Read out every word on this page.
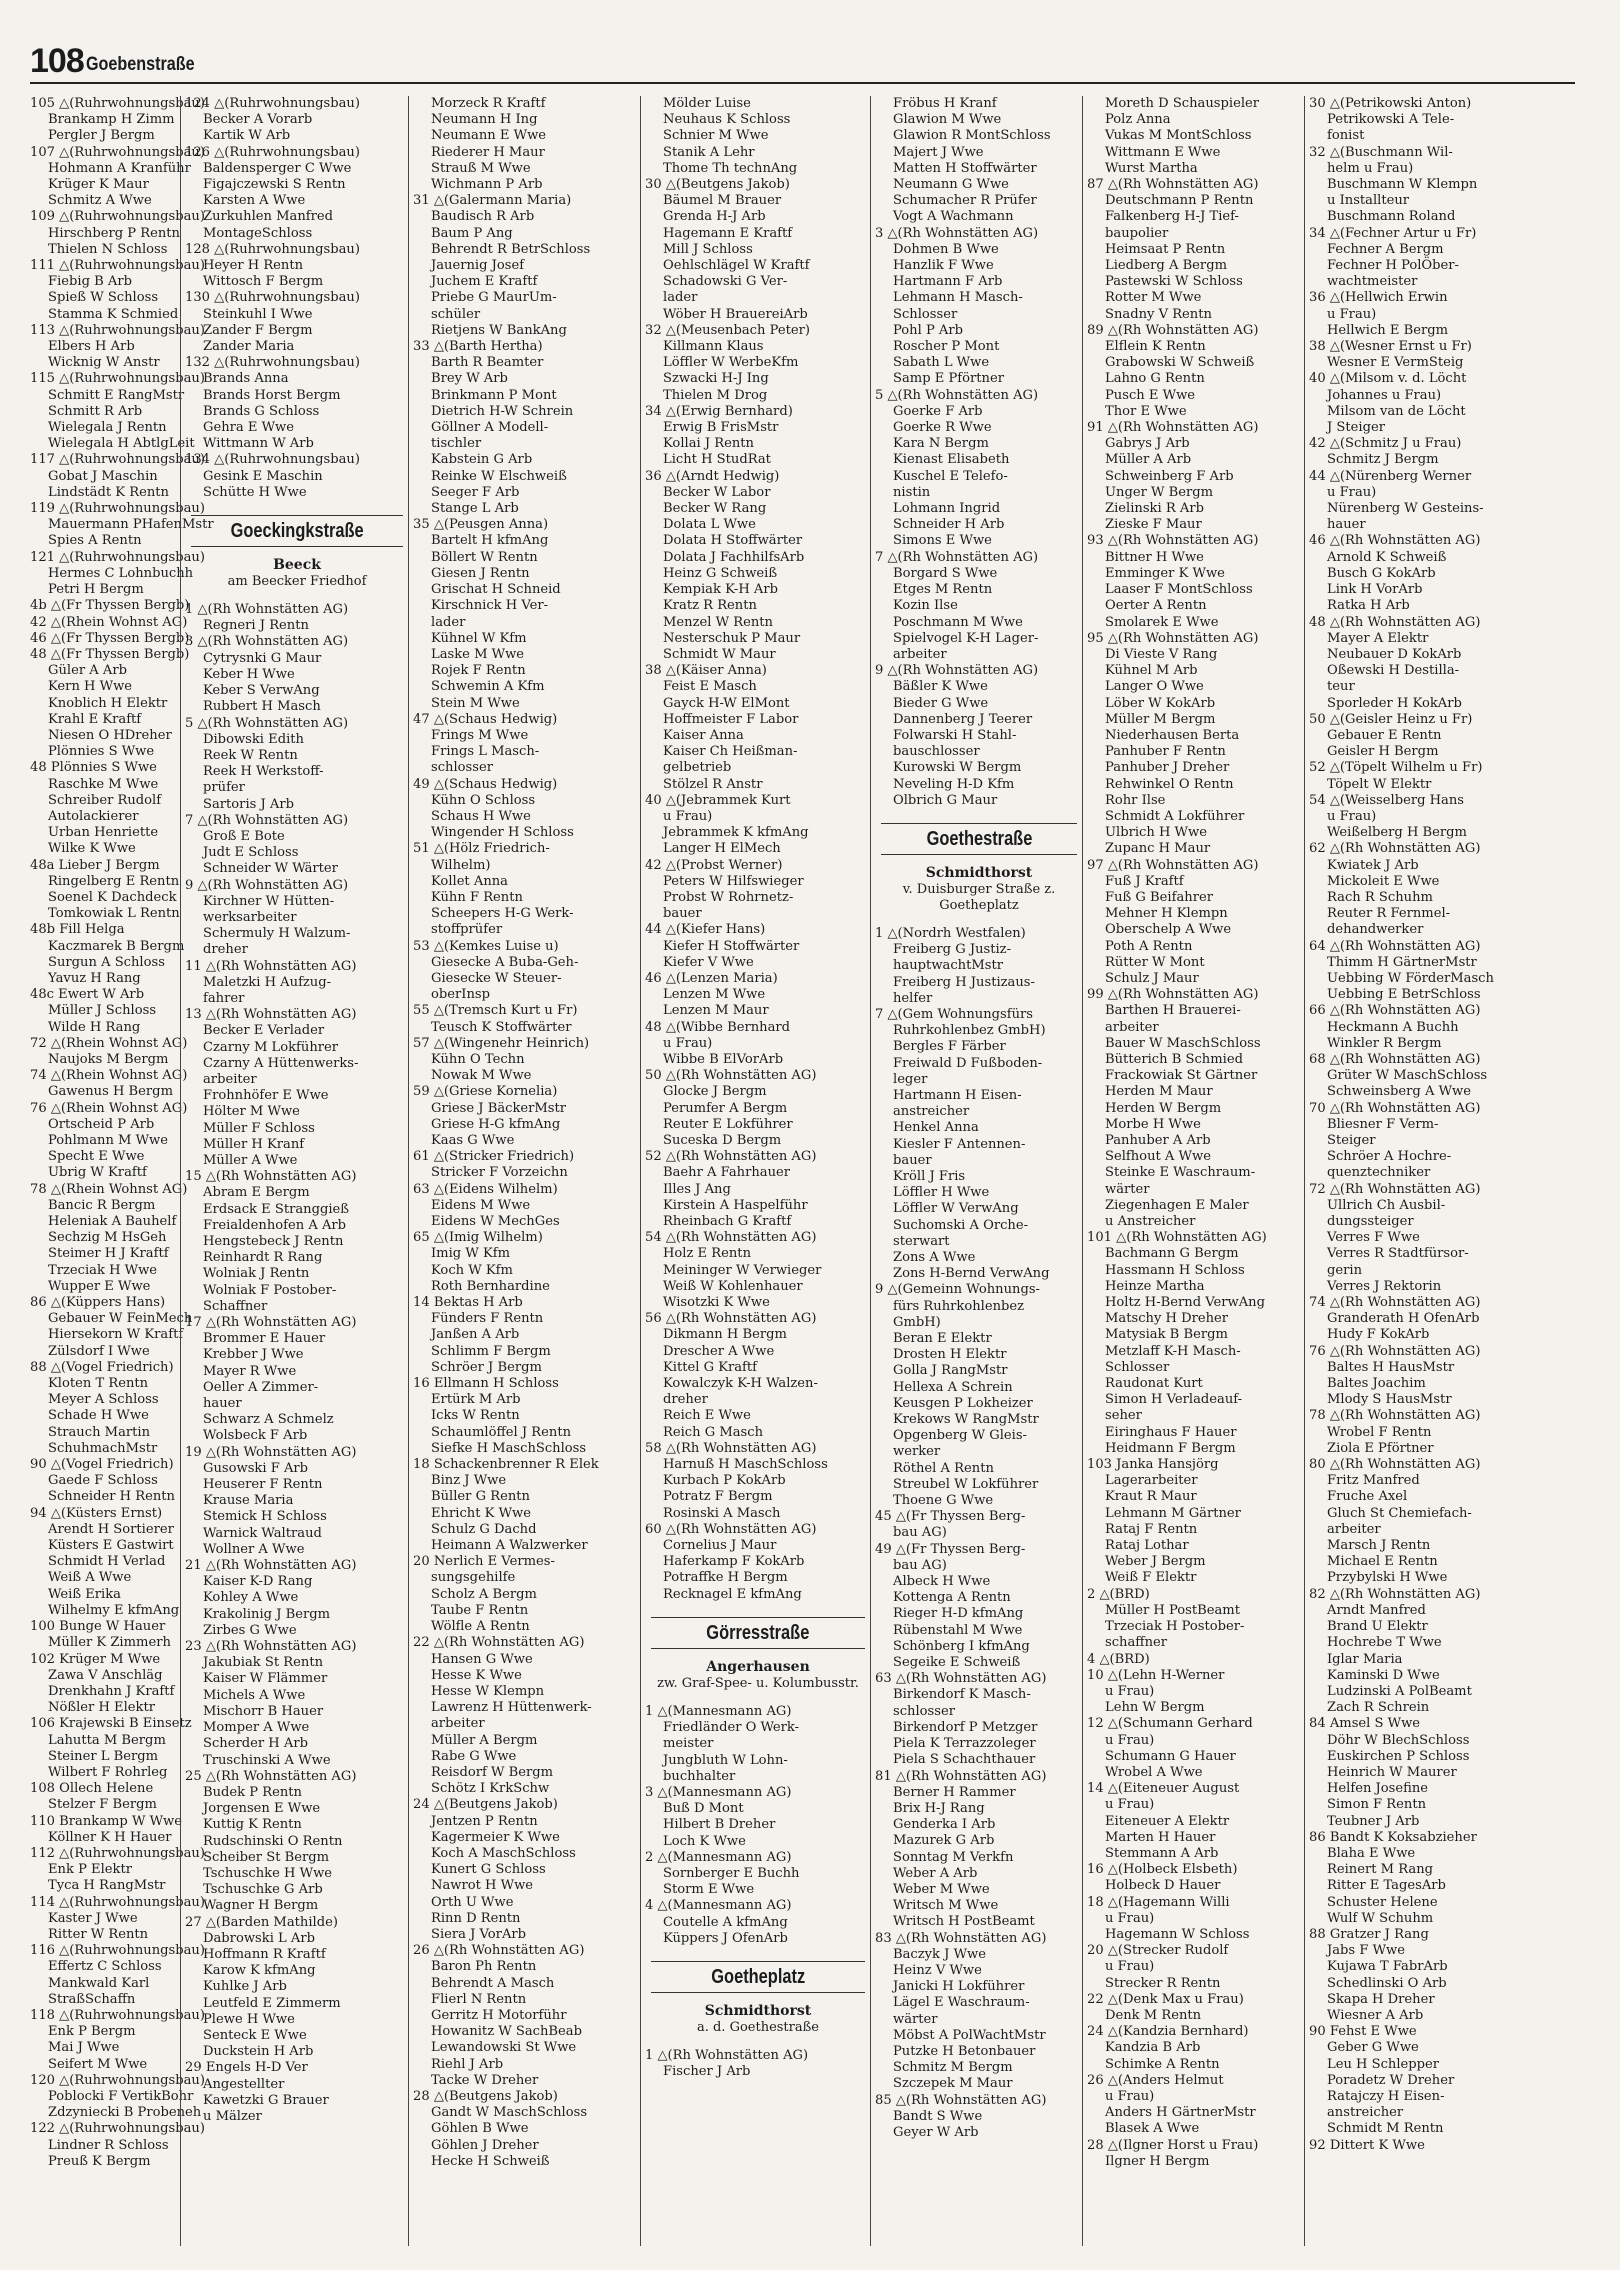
108 Goebenstraße
105 △(Ruhrwohnungsbau)
Brankamp H Zimm
Pergler J Bergm
107 △(Ruhrwohnungsbau)
Hohmann A Kranführ
Krüger K Maur
Schmitz A Wwe
109 △(Ruhrwohnungsbau)
Hirschberg P Rentn
Thielen N Schloss
111 △(Ruhrwohnungsbau)
Fiebig B Arb
Spieß W Schloss
Stamma K Schmied
113 △(Ruhrwohnungsbau)
Elbers H Arb
Wicknig W Anstr
115 △(Ruhrwohnungsbau)
Schmitt E RangMstr
Schmitt R Arb
Wielegala J Rentn
Wielegala H AbtlgLeit
117 △(Ruhrwohnungsbau)
Gobat J Maschin
Lindstädt K Rentn
119 △(Ruhrwohnungsbau)
Mauermann PHafenMstr
Spies A Rentn
121 △(Ruhrwohnungsbau)
Hermes C Lohnbuchh
Petri H Bergm
4b △(Fr Thyssen Bergb)
42 △(Rhein Wohnst AG)
46 △(Fr Thyssen Bergb)
48 △(Fr Thyssen Bergb)
Güler A Arb
Kern H Wwe
Knoblich H Elektr
Krahl E Kraftf
Niesen O HDreher
Plönnies S Wwe
48 Plönnies S Wwe
Raschke M Wwe
Schreiber Rudolf
Autolackierer
Urban Henriette
Wilke K Wwe
48a Lieber J Bergm
Ringelberg E Rentn
Soenel K Dachdeck
Tomkowiak L Rentn
48b Fill Helga
Kaczmarek B Bergm
Surgun A Schloss
Yavuz H Rang
48c Ewert W Arb
Müller J Schloss
Wilde H Rang
72 △(Rhein Wohnst AG)
Naujoks M Bergm
74 △(Rhein Wohnst AG)
Gawenus H Bergm
76 △(Rhein Wohnst AG)
Ortscheid P Arb
Pohlmann M Wwe
Specht E Wwe
Ubrig W Kraftf
78 △(Rhein Wohnst AG)
Bancic R Bergm
Heleniak A Bauhelf
Sechzig M HsGeh
Steimer H J Kraftf
Trzeciak H Wwe
Wupper E Wwe
86 △(Küppers Hans)
Gebauer W FeinMech
Hiersekorn W Kraftf
Zülsdorf I Wwe
88 △(Vogel Friedrich)
Kloten T Rentn
Meyer A Schloss
Schade H Wwe
Strauch Martin
SchuhmachMstr
90 △(Vogel Friedrich)
Gaede F Schloss
Schneider H Rentn
94 △(Küsters Ernst)
Arendt H Sortierer
Küsters E Gastwirt
Schmidt H Verlad
Weiß A Wwe
Weiß Erika
Wilhelmy E kfmAng
100 Bunge W Hauer
Müller K Zimmerh
102 Krüger M Wwe
Zawa V Anschläg
Drenkhahn J Kraftf
Nößler H Elektr
106 Krajewski B Einsetz
Lahutta M Bergm
Steiner L Bergm
Wilbert F Rohrleg
108 Ollech Helene
Stelzer F Bergm
110 Brankamp W Wwe
Köllner K H Hauer
112 △(Ruhrwohnungsbau)
Enk P Elektr
Tyca H RangMstr
114 △(Ruhrwohnungsbau)
Kaster J Wwe
Ritter W Rentn
116 △(Ruhrwohnungsbau)
Effertz C Schloss
Mankwald Karl
StraßSchaffn
118 △(Ruhrwohnungsbau)
Enk P Bergm
Mai J Wwe
Seifert M Wwe
120 △(Ruhrwohnungsbau)
Poblocki F VertikBohr
Zdzyniecki B Probeneh
122 △(Ruhrwohnungsbau)
Lindner R Schloss
Preuß K Bergm
124 △(Ruhrwohnungsbau)
Becker A Vorarb
Kartik W Arb
126 △(Ruhrwohnungsbau)
Baldensperger C Wwe
Figajczewski S Rentn
Karsten A Wwe
Zurkuhlen Manfred
MontageSchloss
128 △(Ruhrwohnungsbau)
Heyer H Rentn
Wittosch F Bergm
130 △(Ruhrwohnungsbau)
Steinkuhl I Wwe
Zander F Bergm
Zander Maria
132 △(Ruhrwohnungsbau)
Brands Anna
Brands Horst Bergm
Brands G Schloss
Gehra E Wwe
Wittmann W Arb
134 △(Ruhrwohnungsbau)
Gesink E Maschin
Schütte H Wwe
Goeckingkstraße
Beeck
am Beecker Friedhof
1 △(Rh Wohnstätten AG)
Regneri J Rentn
3 △(Rh Wohnstätten AG)
Cytrysnki G Maur
Keber H Wwe
Keber S VerwAng
Rubbert H Masch
5 △(Rh Wohnstätten AG)
Dibowski Edith
Reek W Rentn
Reek H Werkstoff-
prüfer
Sartoris J Arb
7 △(Rh Wohnstätten AG)
Groß E Bote
Judt E Schloss
Schneider W Wärter
9 △(Rh Wohnstätten AG)
Kirchner W Hütten-
werksarbeiter
Schermuly H Walzum-
dreher
11 △(Rh Wohnstätten AG)
Maletzki H Aufzug-
fahrer
13 △(Rh Wohnstätten AG)
Becker E Verlader
Czarny M Lokführer
Czarny A Hüttenwerks-
arbeiter
Frohnhöfer E Wwe
Hölter M Wwe
Müller F Schloss
Müller H Kranf
Müller A Wwe
15 △(Rh Wohnstätten AG)
Abram E Bergm
Erdsack E Stranggieß
Freialdenhofen A Arb
Hengstebeck J Rentn
Reinhardt R Rang
Wolniak J Rentn
Wolniak F Postober-
Schaffner
17 △(Rh Wohnstätten AG)
Brommer E Hauer
Krebber J Wwe
Mayer R Wwe
Oeller A Zimmer-
hauer
Schwarz A Schmelz
Wolsbeck F Arb
19 △(Rh Wohnstätten AG)
Gusowski F Arb
Heuserer F Rentn
Krause Maria
Stemick H Schloss
Warnick Waltraud
Wollner A Wwe
21 △(Rh Wohnstätten AG)
Kaiser K-D Rang
Kohley A Wwe
Krakolinig J Bergm
Zirbes G Wwe
23 △(Rh Wohnstätten AG)
Jakubiak St Rentn
Kaiser W Flämmer
Michels A Wwe
Mischorr B Hauer
Momper A Wwe
Scherder H Arb
Truschinski A Wwe
25 △(Rh Wohnstätten AG)
Budek P Rentn
Jorgensen E Wwe
Kuttig K Rentn
Rudschinski O Rentn
Scheiber St Bergm
Tschuschke H Wwe
Tschuschke G Arb
Wagner H Bergm
27 △(Barden Mathilde)
Dabrowski L Arb
Hoffmann R Kraftf
Karow K kfmAng
Kuhlke J Arb
Leutfeld E Zimmerm
Plewe H Wwe
Senteck E Wwe
Duckstein H Arb
29 Engels H-D Ver
Angestellter
Kawetzki G Brauer
u Mälzer
Morzeck R Kraftf
Neumann H Ing
Neumann E Wwe
Riederer H Maur
Strauß M Wwe
Wichmann P Arb
31 △(Galermann Maria)
Baudisch R Arb
Baum P Ang
Behrendt R BetrSchloss
Jauernig Josef
Juchem E Kraftf
Priebe G MaurUm-
schüler
Rietjens W BankAng
33 △(Barth Hertha)
Barth R Beamter
Brey W Arb
Brinkmann P Mont
Dietrich H-W Schrein
Göllner A Modell-
tischler
Kabstein G Arb
Reinke W Elschweiß
Seeger F Arb
Stange L Arb
35 △(Peusgen Anna)
Bartelt H kfmAng
Böllert W Rentn
Giesen J Rentn
Grischat H Schneid
Kirschnick H Ver-
lader
Kühnel W Kfm
Laske M Wwe
Rojek F Rentn
Schwemin A Kfm
Stein M Wwe
47 △(Schaus Hedwig)
Frings M Wwe
Frings L Masch-
schlosser
49 △(Schaus Hedwig)
Kühn O Schloss
Schaus H Wwe
Wingender H Schloss
51 △(Hölz Friedrich-
Wilhelm)
Kollet Anna
Kühn F Rentn
Scheepers H-G Werk-
stoffprüfer
53 △(Kemkes Luise u)
Giesecke A Buba-Geh-
Giesecke W Steuer-
oberInsp
55 △(Tremsch Kurt u Fr)
Teusch K Stoffwärter
57 △(Wingenehr Heinrich)
Kühn O Techn
Nowak M Wwe
59 △(Griese Kornelia)
Griese J BäckerMstr
Griese H-G kfmAng
Kaas G Wwe
61 △(Stricker Friedrich)
Stricker F Vorzeichn
63 △(Eidens Wilhelm)
Eidens M Wwe
Eidens W MechGes
65 △(Imig Wilhelm)
Imig W Kfm
Koch W Kfm
Roth Bernhardine
14 Bektas H Arb
Fünders F Rentn
Janßen A Arb
Schlimm F Bergm
Schröer J Bergm
16 Ellmann H Schloss
Ertürk M Arb
Icks W Rentn
Schaumlöffel J Rentn
Siefke H MaschSchloss
18 Schackenbrenner R Elek
Binz J Wwe
Büller G Rentn
Ehricht K Wwe
Schulz G Dachd
Heimann A Walzwerker
20 Nerlich E Vermes-
sungsgehilfe
Scholz A Bergm
Taube F Rentn
Wölfle A Rentn
22 △(Rh Wohnstätten AG)
Hansen G Wwe
Hesse K Wwe
Hesse W Klempn
Lawrenz H Hüttenwerk-
arbeiter
Müller A Bergm
Rabe G Wwe
Reisdorf W Bergm
Schötz I KrkSchw
24 △(Beutgens Jakob)
Jentzen P Rentn
Kagermeier K Wwe
Koch A MaschSchloss
Kunert G Schloss
Nawrot H Wwe
Orth U Wwe
Rinn D Rentn
Siera J VorArb
26 △(Rh Wohnstätten AG)
Baron Ph Rentn
Behrendt A Masch
Flierl N Rentn
Gerritz H Motorführ
Howanitz W SachBeab
Lewandowski St Wwe
Riehl J Arb
Tacke W Dreher
28 △(Beutgens Jakob)
Gandt W MaschSchloss
Göhlen B Wwe
Göhlen J Dreher
Hecke H Schweiß
Mölder Luise
Neuhaus K Schloss
Schnier M Wwe
Stanik A Lehr
Thome Th technAng
30 △(Beutgens Jakob)
Bäumel M Brauer
Grenda H-J Arb
Hagemann E Kraftf
Mill J Schloss
Oehlschlägel W Kraftf
Schadowski G Ver-
lader
Wöber H BrauereiArb
32 △(Meusenbach Peter)
Killmann Klaus
Löffler W WerbeKfm
Szwacki H-J Ing
Thielen M Drog
34 △(Erwig Bernhard)
Erwig B FrisMstr
Kollai J Rentn
Licht H StudRat
36 △(Arndt Hedwig)
Becker W Labor
Becker W Rang
Dolata L Wwe
Dolata H Stoffwärter
Dolata J FachhilfsArb
Heinz G Schweiß
Kempiak K-H Arb
Kratz R Rentn
Menzel W Rentn
Nesterschuk P Maur
Schmidt W Maur
38 △(Käiser Anna)
Feist E Masch
Gayck H-W ElMont
Hoffmeister F Labor
Kaiser Anna
Kaiser Ch Heißman-
gelbetrieb
Stölzel R Anstr
40 △(Jebrammek Kurt
u Frau)
Jebrammek K kfmAng
Langer H ElMech
42 △(Probst Werner)
Peters W Hilfswieger
Probst W Rohrnetz-
bauer
44 △(Kiefer Hans)
Kiefer H Stoffwärter
Kiefer V Wwe
46 △(Lenzen Maria)
Lenzen M Wwe
Lenzen M Maur
48 △(Wibbe Bernhard
u Frau)
Wibbe B ElVorArb
50 △(Rh Wohnstätten AG)
Glocke J Bergm
Perumfer A Bergm
Reuter E Lokführer
Suceska D Bergm
52 △(Rh Wohnstätten AG)
Baehr A Fahrhauer
Illes J Ang
Kirstein A Haspelführ
Rheinbach G Kraftf
54 △(Rh Wohnstätten AG)
Holz E Rentn
Meininger W Verwieger
Weiß W Kohlenhauer
Wisotzki K Wwe
56 △(Rh Wohnstätten AG)
Dikmann H Bergm
Drescher A Wwe
Kittel G Kraftf
Kowalczyk K-H Walzen-
dreher
Reich E Wwe
Reich G Masch
58 △(Rh Wohnstätten AG)
Harnuß H MaschSchloss
Kurbach P KokArb
Potratz F Bergm
Rosinski A Masch
60 △(Rh Wohnstätten AG)
Cornelius J Maur
Haferkamp F KokArb
Potraffke H Bergm
Recknagel E kfmAng
Görresstraße
Angerhausen
zw. Graf-Spee- u. Kolumbusstr.
1 △(Mannesmann AG)
Friedländer O Werk-
meister
Jungbluth W Lohn-
buchhalter
3 △(Mannesmann AG)
Buß D Mont
Hilbert B Dreher
Loch K Wwe
2 △(Mannesmann AG)
Sornberger E Buchh
Storm E Wwe
4 △(Mannesmann AG)
Coutelle A kfmAng
Küppers J OfenArb
Goetheplatz
Schmidthorst
a. d. Goethestraße
1 △(Rh Wohnstätten AG)
Fischer J Arb
Fröbus H Kranf
Glawion M Wwe
Glawion R MontSchloss
Majert J Wwe
Matten H Stoffwärter
Neumann G Wwe
Schumacher R Prüfer
Vogt A Wachmann
3 △(Rh Wohnstätten AG)
Dohmen B Wwe
Hanzlik F Wwe
Hartmann F Arb
Lehmann H Masch-
Schlosser
Pohl P Arb
Roscher P Mont
Sabath L Wwe
Samp E Pförtner
5 △(Rh Wohnstätten AG)
Goerke F Arb
Goerke R Wwe
Kara N Bergm
Kienast Elisabeth
Kuschel E Telefo-
nistin
Lohmann Ingrid
Schneider H Arb
Simons E Wwe
7 △(Rh Wohnstätten AG)
Borgard S Wwe
Etges M Rentn
Kozin Ilse
Poschmann M Wwe
Spielvogel K-H Lager-
arbeiter
9 △(Rh Wohnstätten AG)
Bäßler K Wwe
Bieder G Wwe
Dannenberg J Teerer
Folwarski H Stahl-
bauschlosser
Kurowski W Bergm
Neveling H-D Kfm
Olbrich G Maur
Goethestraße
Schmidthorst
v. Duisburger Straße z. Goetheplatz
1 △(Nordrh Westfalen)
Freiberg G Justiz-
hauptwachtMstr
Freiberg H Justizaus-
helfer
7 △(Gem Wohnungsfürs
Ruhrkohlenbez GmbH)
Bergles F Färber
Freiwald D Fußboden-
leger
Hartmann H Eisen-
anstreicher
Henkel Anna
Kiesler F Antennen-
bauer
Kröll J Fris
Löffler H Wwe
Löffler W VerwAng
Suchomski A Orche-
sterwart
Zons A Wwe
Zons H-Bernd VerwAng
9 △(Gemeinn Wohnungs-
fürs Ruhrkohlenbez
GmbH)
Beran E Elektr
Drosten H Elektr
Golla J RangMstr
Hellexa A Schrein
Keusgen P Lokheizer
Krekows W RangMstr
Opgenberg W Gleis-
werker
Röthel A Rentn
Streubel W Lokführer
Thoene G Wwe
45 △(Fr Thyssen Berg-
bau AG)
49 △(Fr Thyssen Berg-
bau AG)
Albeck H Wwe
Kottenga A Rentn
Rieger H-D kfmAng
Rübenstahl M Wwe
Schönberg I kfmAng
Segeike E Schweiß
63 △(Rh Wohnstätten AG)
Birkendorf K Masch-
schlosser
Birkendorf P Metzger
Piela K Terrazzoleger
Piela S Schachthauer
81 △(Rh Wohnstätten AG)
Berner H Rammer
Brix H-J Rang
Genderka I Arb
Mazurek G Arb
Sonntag M Verkfn
Weber A Arb
Weber M Wwe
Writsch M Wwe
Writsch H PostBeamt
83 △(Rh Wohnstätten AG)
Baczyk J Wwe
Heinz V Wwe
Janicki H Lokführer
Lägel E Waschraum-
wärter
Möbst A PolWachtMstr
Putzke H Betonbauer
Schmitz M Bergm
Szczepek M Maur
85 △(Rh Wohnstätten AG)
Bandt S Wwe
Geyer W Arb
Moreth D Schauspieler
Polz Anna
Vukas M MontSchloss
Wittmann E Wwe
Wurst Martha
87 △(Rh Wohnstätten AG)
Deutschmann P Rentn
Falkenberg H-J Tief-
baupolier
Heimsaat P Rentn
Liedberg A Bergm
Pastewski W Schloss
Rotter M Wwe
Snadny V Rentn
89 △(Rh Wohnstätten AG)
Elflein K Rentn
Grabowski W Schweiß
Lahno G Rentn
Pusch E Wwe
Thor E Wwe
91 △(Rh Wohnstätten AG)
Gabrys J Arb
Müller A Arb
Schweinberg F Arb
Unger W Bergm
Zielinski R Arb
Zieske F Maur
93 △(Rh Wohnstätten AG)
Bittner H Wwe
Emminger K Wwe
Laaser F MontSchloss
Oerter A Rentn
Smolarek E Wwe
95 △(Rh Wohnstätten AG)
Di Vieste V Rang
Kühnel M Arb
Langer O Wwe
Löber W KokArb
Müller M Bergm
Niederhausen Berta
Panhuber F Rentn
Panhuber J Dreher
Rehwinkel O Rentn
Rohr Ilse
Schmidt A Lokführer
Ulbrich H Wwe
Zupanc H Maur
97 △(Rh Wohnstätten AG)
Fuß J Kraftf
Fuß G Beifahrer
Mehner H Klempn
Oberschelp A Wwe
Poth A Rentn
Rütter W Mont
Schulz J Maur
99 △(Rh Wohnstätten AG)
Barthen H Brauerei-
arbeiter
Bauer W MaschSchloss
Bütterich B Schmied
Frackowiak St Gärtner
Herden M Maur
Herden W Bergm
Morbe H Wwe
Panhuber A Arb
Selfhout A Wwe
Steinke E Waschraum-
wärter
Ziegenhagen E Maler
u Anstreicher
101 △(Rh Wohnstätten AG)
Bachmann G Bergm
Hassmann H Schloss
Heinze Martha
Holtz H-Bernd VerwAng
Matschy H Dreher
Matysiak B Bergm
Metzlaff K-H Masch-
Schlosser
Raudonat Kurt
Simon H Verladeauf-
seher
Eiringhaus F Hauer
Heidmann F Bergm
103 Janka Hansjörg
Lagerarbeiter
Kraut R Maur
Lehmann M Gärtner
Rataj F Rentn
Rataj Lothar
Weber J Bergm
Weiß F Elektr
2 △(BRD)
Müller H PostBeamt
Trzeciak H Postober-
schaffner
4 △(BRD)
10 △(Lehn H-Werner
u Frau)
Lehn W Bergm
12 △(Schumann Gerhard
u Frau)
Schumann G Hauer
Wrobel A Wwe
14 △(Eiteneuer August
u Frau)
Eiteneuer A Elektr
Marten H Hauer
Stemmann A Arb
16 △(Holbeck Elsbeth)
Holbeck D Hauer
18 △(Hagemann Willi
u Frau)
Hagemann W Schloss
20 △(Strecker Rudolf
u Frau)
Strecker R Rentn
22 △(Denk Max u Frau)
Denk M Rentn
24 △(Kandzia Bernhard)
Kandzia B Arb
Schimke A Rentn
26 △(Anders Helmut
u Frau)
Anders H GärtnerMstr
Blasek A Wwe
28 △(Ilgner Horst u Frau)
Ilgner H Bergm
30 △(Petrikowski Anton)
Petrikowski A Tele-
fonist
32 △(Buschmann Wil-
helm u Frau)
Buschmann W Klempn
u Installteur
Buschmann Roland
34 △(Fechner Artur u Fr)
Fechner A Bergm
Fechner H PolÖber-
wachtmeister
36 △(Hellwich Erwin
u Frau)
Hellwich E Bergm
38 △(Wesner Ernst u Fr)
Wesner E VermSteig
40 △(Milsom v. d. Löcht
Johannes u Frau)
Milsom van de Löcht
J Steiger
42 △(Schmitz J u Frau)
Schmitz J Bergm
44 △(Nürenberg Werner
u Frau)
Nürenberg W Gesteins-
hauer
46 △(Rh Wohnstätten AG)
Arnold K Schweiß
Busch G KokArb
Link H VorArb
Ratka H Arb
48 △(Rh Wohnstätten AG)
Mayer A Elektr
Neubauer D KokArb
Oßewski H Destilla-
teur
Sporleder H KokArb
50 △(Geisler Heinz u Fr)
Gebauer E Rentn
Geisler H Bergm
52 △(Töpelt Wilhelm u Fr)
Töpelt W Elektr
54 △(Weisselberg Hans
u Frau)
Weißelberg H Bergm
62 △(Rh Wohnstätten AG)
Kwiatek J Arb
Mickoleit E Wwe
Rach R Schuhm
Reuter R Fernmel-
dehandwerker
64 △(Rh Wohnstätten AG)
Thimm H GärtnerMstr
Uebbing W FörderMasch
Uebbing E BetrSchloss
66 △(Rh Wohnstätten AG)
Heckmann A Buchh
Winkler R Bergm
68 △(Rh Wohnstätten AG)
Grüter W MaschSchloss
Schweinsberg A Wwe
70 △(Rh Wohnstätten AG)
Bliesner F Verm-
Steiger
Schröer A Hochre-
quenztechniker
72 △(Rh Wohnstätten AG)
Ullrich Ch Ausbil-
dungssteiger
Verres F Wwe
Verres R Stadtfürsor-
gerin
Verres J Rektorin
74 △(Rh Wohnstätten AG)
Granderath H OfenArb
Hudy F KokArb
76 △(Rh Wohnstätten AG)
Baltes H HausMstr
Baltes Joachim
Mlody S HausMstr
78 △(Rh Wohnstätten AG)
Wrobel F Rentn
Ziola E Pförtner
80 △(Rh Wohnstätten AG)
Fritz Manfred
Fruche Axel
Gluch St Chemiefach-
arbeiter
Marsch J Rentn
Michael E Rentn
Przybylski H Wwe
82 △(Rh Wohnstätten AG)
Arndt Manfred
Brand U Elektr
Hochrebe T Wwe
Iglar Maria
Kaminski D Wwe
Ludzinski A PolBeamt
Zach R Schrein
84 Amsel S Wwe
Döhr W BlechSchloss
Euskirchen P Schloss
Heinrich W Maurer
Helfen Josefine
Simon F Rentn
Teubner J Arb
86 Bandt K Koksabzieher
Blaha E Wwe
Reinert M Rang
Ritter E TagesArb
Schuster Helene
Wulf W Schuhm
88 Gratzer J Rang
Jabs F Wwe
Kujawa T FabrArb
Schedlinski O Arb
Skapa H Dreher
Wiesner A Arb
90 Fehst E Wwe
Geber G Wwe
Leu H Schlepper
Poradetz W Dreher
Ratajczy H Eisen-
anstreicher
Schmidt M Rentn
92 Dittert K Wwe
